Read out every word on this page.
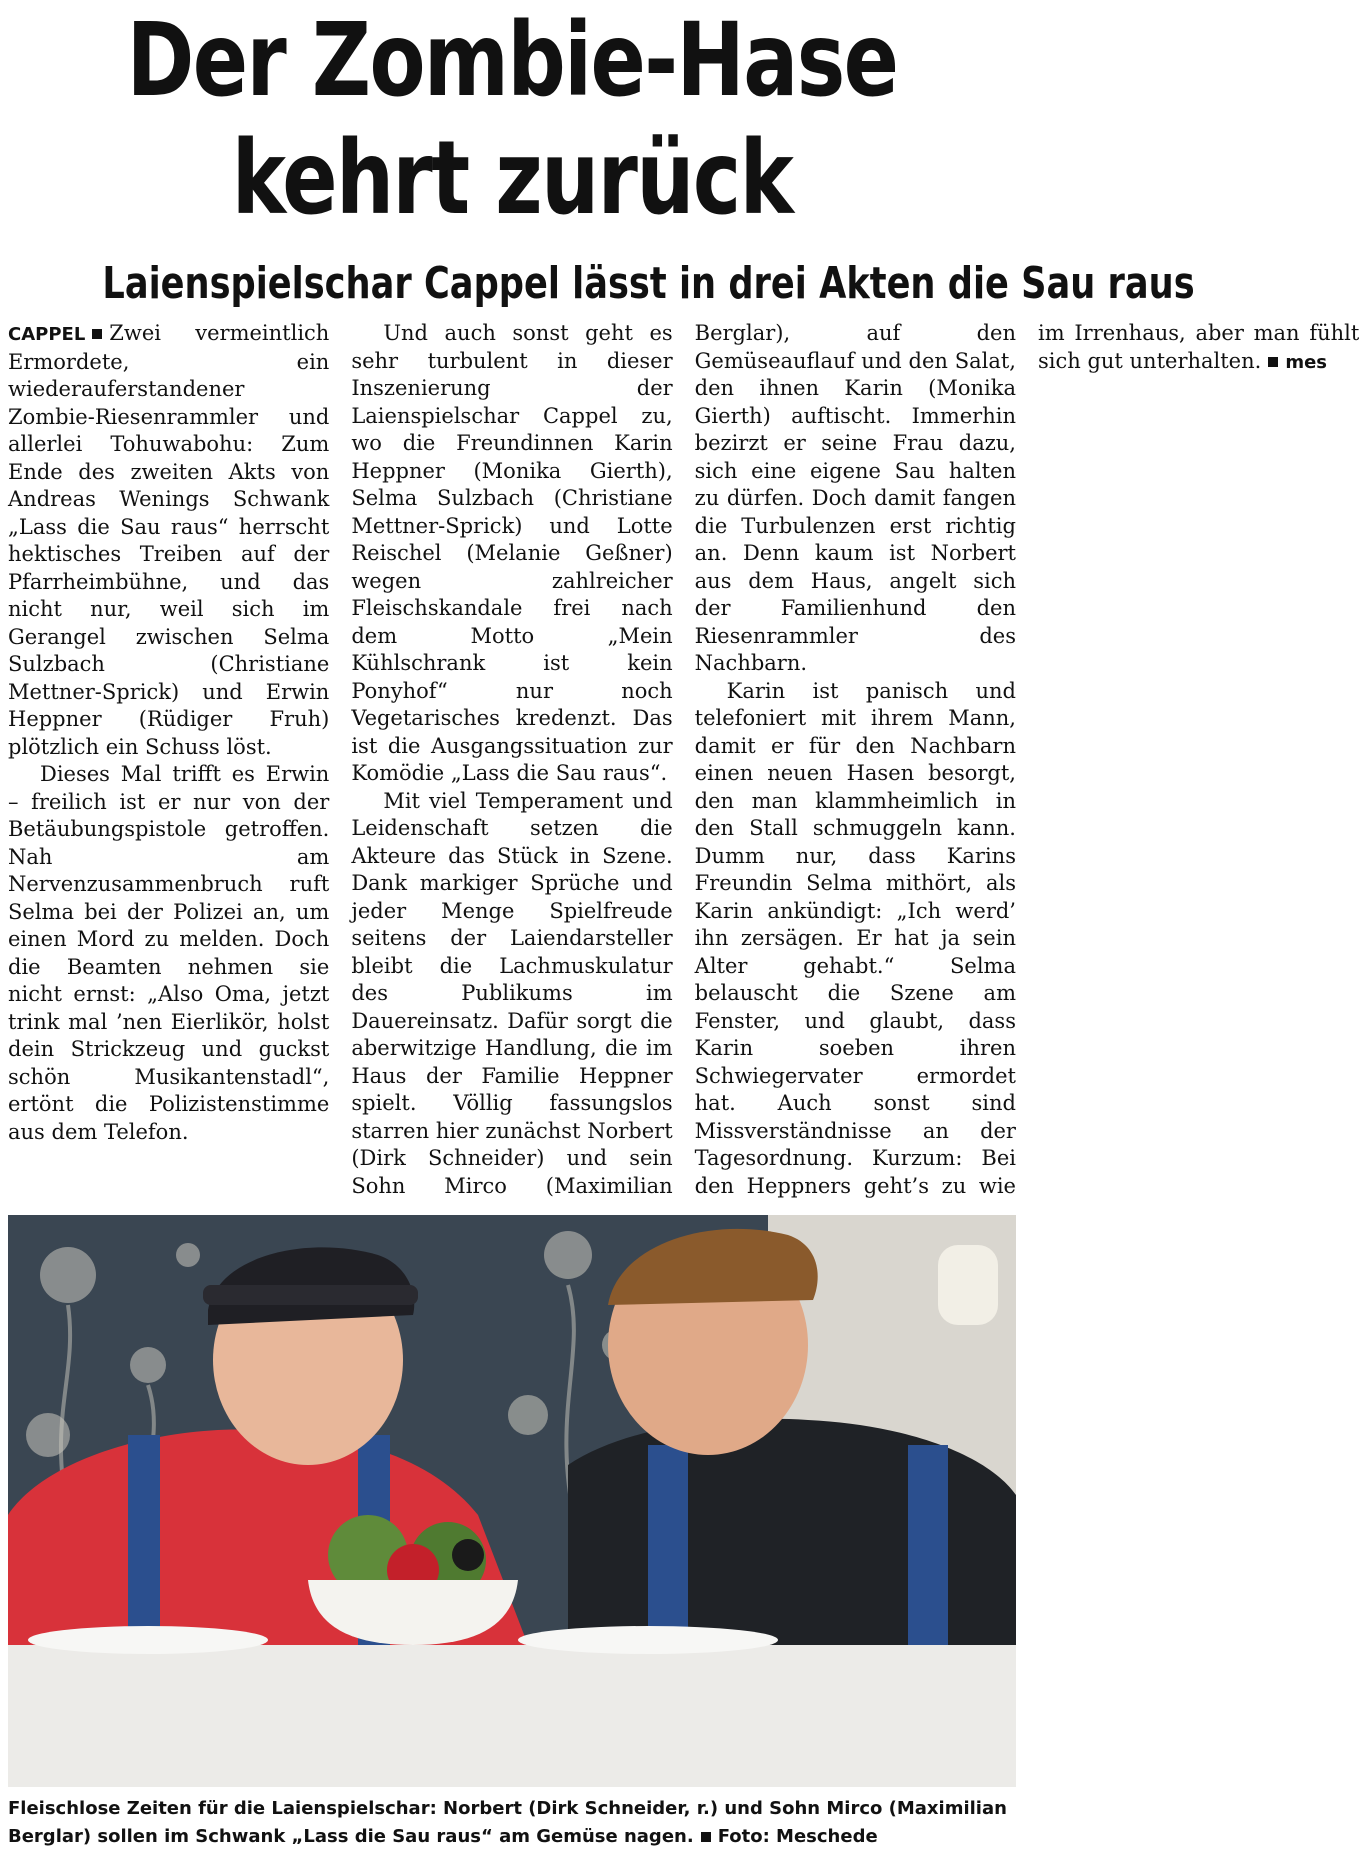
Der Zombie-Hase
kehrt zurück
Laienspielschar Cappel lässt in drei Akten die Sau raus

CAPPEL Zwei vermeintlich Ermordete, ein wiederauferstandener Zombie-Riesenrammler und allerlei Tohuwabohu: Zum Ende des zweiten Akts von Andreas Wenings Schwank „Lass die Sau raus“ herrscht hektisches Treiben auf der Pfarrheimbühne, und das nicht nur, weil sich im Gerangel zwischen Selma Sulzbach (Christiane Mettner-Sprick) und Erwin Heppner (Rüdiger Fruh) plötzlich ein Schuss löst.

Dieses Mal trifft es Erwin – freilich ist er nur von der Betäubungspistole getroffen. Nah am Nervenzusammenbruch ruft Selma bei der Polizei an, um einen Mord zu melden. Doch die Beamten nehmen sie nicht ernst: „Also Oma, jetzt trink mal ’nen Eierlikör, holst dein Strickzeug und guckst schön Musikantenstadl“, ertönt die Polizistenstimme aus dem Telefon.

Und auch sonst geht es sehr turbulent in dieser Inszenierung der Laienspielschar Cappel zu, wo die Freundinnen Karin Heppner (Monika Gierth), Selma Sulzbach (Christiane Mettner-Sprick) und Lotte Reischel (Melanie Geßner) wegen zahlreicher Fleischskandale frei nach dem Motto „Mein Kühlschrank ist kein Ponyhof“ nur noch Vegetarisches kredenzt. Das ist die Ausgangssituation zur Komödie „Lass die Sau raus“.

Mit viel Temperament und Leidenschaft setzen die Akteure das Stück in Szene. Dank markiger Sprüche und jeder Menge Spielfreude seitens der Laiendarsteller bleibt die Lachmuskulatur des Publikums im Dauereinsatz. Dafür sorgt die aberwitzige Handlung, die im Haus der Familie Heppner spielt. Völlig fassungslos starren hier zunächst Norbert (Dirk Schneider) und sein Sohn Mirco (Maximilian Berglar), auf den Gemüseauflauf und den Salat, den ihnen Karin (Monika Gierth) auftischt. Immerhin bezirzt er seine Frau dazu, sich eine eigene Sau halten zu dürfen. Doch damit fangen die Turbulenzen erst richtig an. Denn kaum ist Norbert aus dem Haus, angelt sich der Familienhund den Riesenrammler des Nachbarn.

Karin ist panisch und telefoniert mit ihrem Mann, damit er für den Nachbarn einen neuen Hasen besorgt, den man klammheimlich in den Stall schmuggeln kann. Dumm nur, dass Karins Freundin Selma mithört, als Karin ankündigt: „Ich werd’ ihn zersägen. Er hat ja sein Alter gehabt.“ Selma belauscht die Szene am Fenster, und glaubt, dass Karin soeben ihren Schwiegervater ermordet hat. Auch sonst sind Missverständnisse an der Tagesordnung. Kurzum: Bei den Heppners geht’s zu wie im Irrenhaus, aber man fühlt sich gut unterhalten. mes

Fleischlose Zeiten für die Laienspielschar: Norbert (Dirk Schneider, r.) und Sohn Mirco (Maximilian Berglar) sollen im Schwank „Lass die Sau raus“ am Gemüse nagen. Foto: Meschede
